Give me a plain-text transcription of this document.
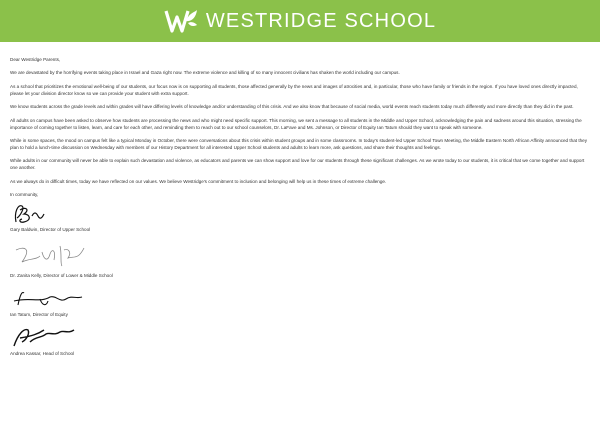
WESTRIDGE SCHOOL

Dear Westridge Parents,

We are devastated by the horrifying events taking place in Israel and Gaza right now. The extreme violence and killing of so many innocent civilians has shaken the world including our campus.

As a school that prioritizes the emotional well-being of our students, our focus now is on supporting all students, those affected generally by the news and images of atrocities and, in particular, those who have family or friends in the region. If you have loved ones directly impacted, please let your division director know so we can provide your student with extra support.

We know students across the grade levels and within grades will have differing levels of knowledge and/or understanding of this crisis. And we also know that because of social media, world events reach students today much differently and more directly than they did in the past.

All adults on campus have been asked to observe how students are processing the news and who might need specific support. This morning, we sent a message to all students in the Middle and Upper School, acknowledging the pain and sadness around this situation, stressing the importance of coming together to listen, learn, and care for each other, and reminding them to reach out to our school counselors, Dr. LaFave and Ms. Johnson, or Director of Equity Ian Tatum should they want to speak with someone.

While in some spaces, the mood on campus felt like a typical Monday in October, there were conversations about this crisis within student groups and in some classrooms. In today's student-led Upper School Town Meeting, the Middle Eastern North African Affinity announced that they plan to hold a lunch-time discussion on Wednesday with members of our History Department for all interested Upper School students and adults to learn more, ask questions, and share their thoughts and feelings.

While adults in our community will never be able to explain such devastation and violence, as educators and parents we can show support and love for our students through these significant challenges. As we wrote today to our students, it is critical that we come together and support one another.

As we always do in difficult times, today we have reflected on our values. We believe Westridge's commitment to inclusion and belonging will help us in these times of extreme challenge.

In community,

Gary Baldwin, Director of Upper School

Dr. Zanita Kelly, Director of Lower & Middle School

Ian Tatum, Director of Equity

Andrea Kassar, Head of School
